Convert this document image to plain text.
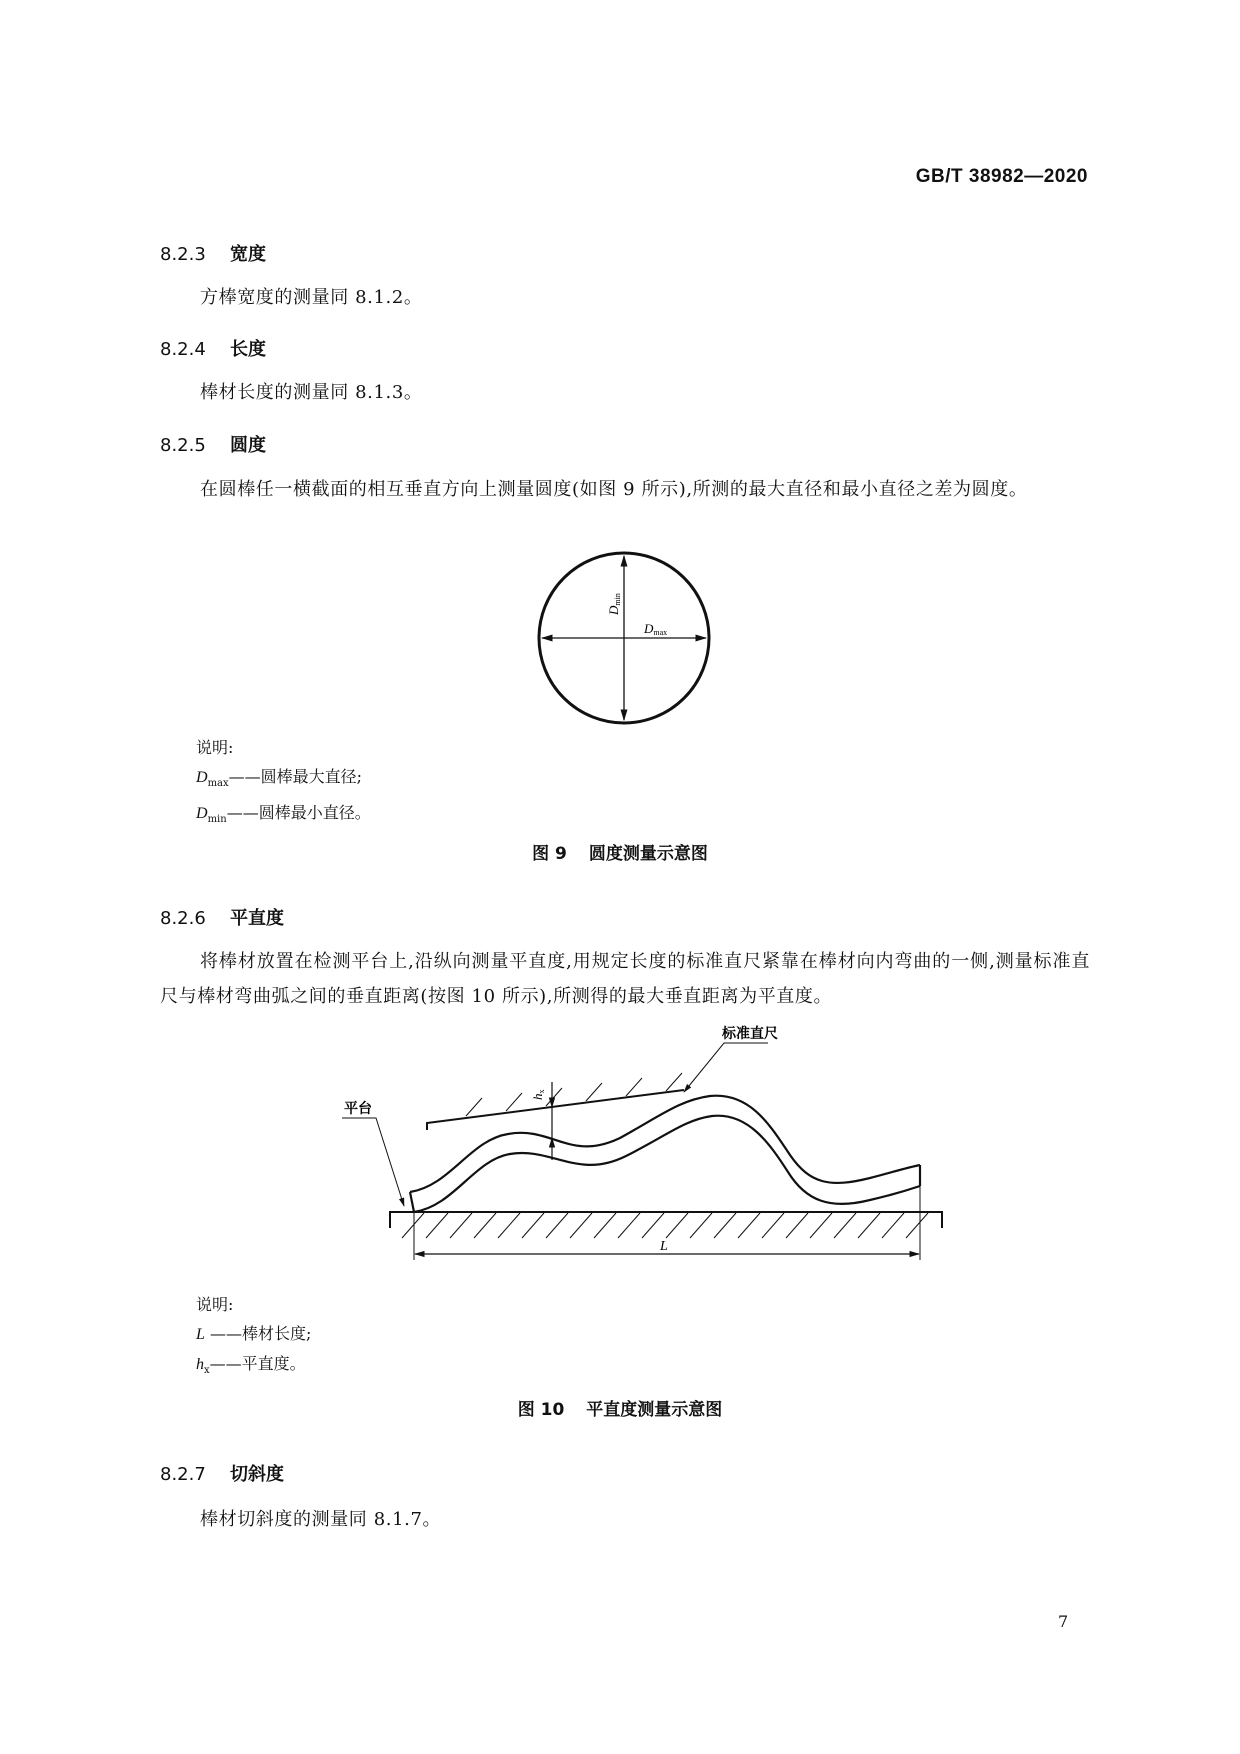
GB/T 38982—2020
8.2.3 宽度
方棒宽度的测量同 8.1.2。
8.2.4 长度
棒材长度的测量同 8.1.3。
8.2.5 圆度
在圆棒任一横截面的相互垂直方向上测量圆度(如图 9 所示),所测的最大直径和最小直径之差为圆度。
Dmax
Dmin
说明:
$D_{max}——$圆棒最大直径;
$D_{min}——$圆棒最小直径。
图 9 圆度测量示意图
8.2.6 平直度
将棒材放置在检测平台上,沿纵向测量平直度,用规定长度的标准直尺紧靠在棒材向内弯曲的一侧,测量标准直尺与棒材弯曲弧之间的垂直距离(按图 10 所示),所测得的最大垂直距离为平直度。
hx
标准直尺
平台
L
说明:
L ——棒材长度;
$h_x——$平直度。
图 10 平直度测量示意图
8.2.7 切斜度
棒材切斜度的测量同 8.1.7。
7
